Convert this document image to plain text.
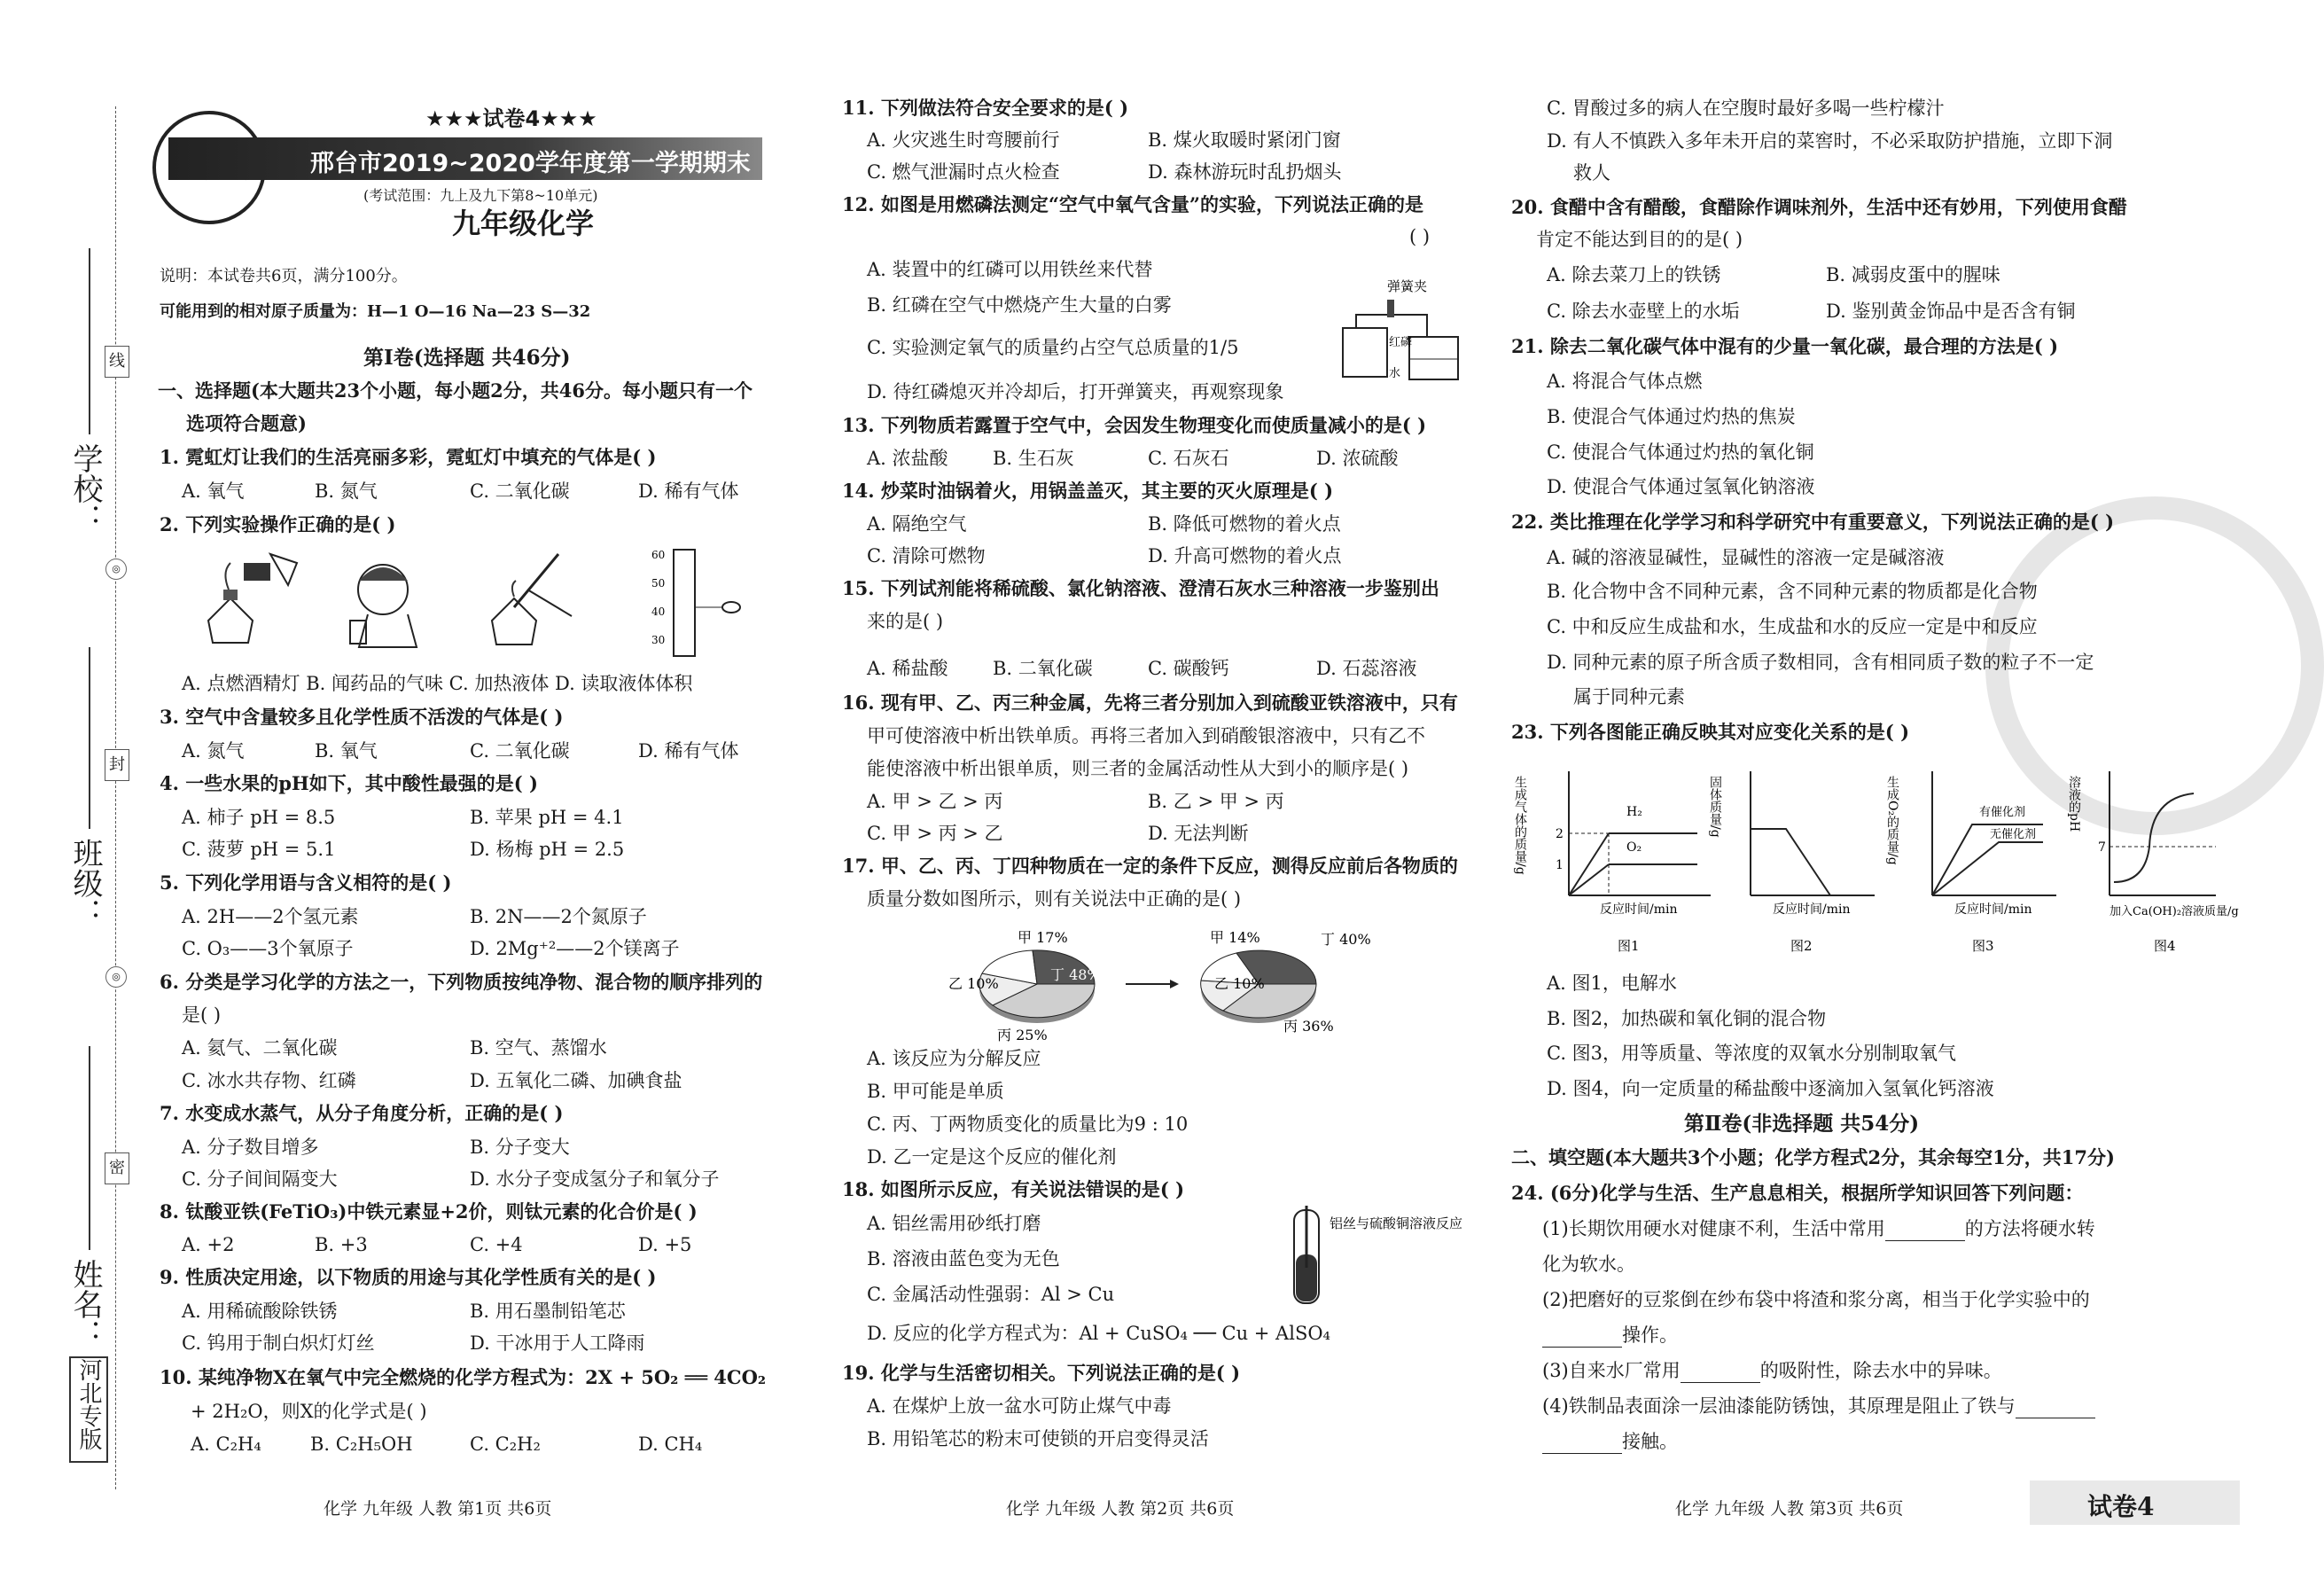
线
封
密
◎
◎
学校：
班级：
姓名：
河北专版
★★★试卷4★★★
邢台市2019~2020学年度第一学期期末考试试题
(考试范围：九上及九下第8~10单元)
九年级化学
说明：本试卷共6页，满分100分。
可能用到的相对原子质量为：H—1 O—16 Na—23 S—32
第Ⅰ卷(选择题 共46分)
一、选择题(本大题共23个小题，每小题2分，共46分。每小题只有一个
选项符合题意)
1. 霓虹灯让我们的生活亮丽多彩，霓虹灯中填充的气体是( )
A. 氧气	B. 氮气	C. 二氧化碳	D. 稀有气体
2. 下列实验操作正确的是( )
60
50
40
30
A. 点燃酒精灯 B. 闻药品的气味 C. 加热液体 D. 读取液体体积
3. 空气中含量较多且化学性质不活泼的气体是( )
A. 氮气	B. 氧气	C. 二氧化碳	D. 稀有气体
4. 一些水果的pH如下，其中酸性最强的是( )
A. 柿子 pH = 8.5	B. 苹果 pH = 4.1
C. 菠萝 pH = 5.1	D. 杨梅 pH = 2.5
5. 下列化学用语与含义相符的是( )
A. 2H——2个氢元素	B. 2N——2个氮原子
C. O₃——3个氧原子	D. 2Mg⁺²——2个镁离子
6. 分类是学习化学的方法之一，下列物质按纯净物、混合物的顺序排列的
是( )
A. 氦气、二氧化碳	B. 空气、蒸馏水
C. 冰水共存物、红磷	D. 五氧化二磷、加碘食盐
7. 水变成水蒸气，从分子角度分析，正确的是( )
A. 分子数目增多	B. 分子变大
C. 分子间间隔变大	D. 水分子变成氢分子和氧分子
8. 钛酸亚铁(FeTiO₃)中铁元素显+2价，则钛元素的化合价是( )
A. +2	B. +3	C. +4	D. +5
9. 性质决定用途，以下物质的用途与其化学性质有关的是( )
A. 用稀硫酸除铁锈	B. 用石墨制铅笔芯
C. 钨用于制白炽灯灯丝	D. 干冰用于人工降雨
10. 某纯净物X在氧气中完全燃烧的化学方程式为：2X + 5O₂ ══ 4CO₂
+ 2H₂O，则X的化学式是( )
A. C₂H₄	B. C₂H₅OH	C. C₂H₂	D. CH₄
11. 下列做法符合安全要求的是( )
A. 火灾逃生时弯腰前行	B. 煤火取暖时紧闭门窗
C. 燃气泄漏时点火检查	D. 森林游玩时乱扔烟头
12. 如图是用燃磷法测定“空气中氧气含量”的实验，下列说法正确的是
( )
A. 装置中的红磷可以用铁丝来代替
B. 红磷在空气中燃烧产生大量的白雾
C. 实验测定氧气的质量约占空气总质量的1/5
D. 待红磷熄灭并冷却后，打开弹簧夹，再观察现象
弹簧夹
红磷
水
13. 下列物质若露置于空气中，会因发生物理变化而使质量减小的是( )
A. 浓盐酸 B. 生石灰	C. 石灰石	D. 浓硫酸
14. 炒菜时油锅着火，用锅盖盖灭，其主要的灭火原理是( )
A. 隔绝空气	B. 降低可燃物的着火点
C. 清除可燃物	D. 升高可燃物的着火点
15. 下列试剂能将稀硫酸、氯化钠溶液、澄清石灰水三种溶液一步鉴别出
来的是( )
A. 稀盐酸 B. 二氧化碳	C. 碳酸钙	D. 石蕊溶液
16. 现有甲、乙、丙三种金属，先将三者分别加入到硫酸亚铁溶液中，只有
甲可使溶液中析出铁单质。再将三者加入到硝酸银溶液中，只有乙不
能使溶液中析出银单质，则三者的金属活动性从大到小的顺序是( )
A. 甲 > 乙 > 丙	B. 乙 > 甲 > 丙
C. 甲 > 丙 > 乙	D. 无法判断
17. 甲、乙、丙、丁四种物质在一定的条件下反应，测得反应前后各物质的
质量分数如图所示，则有关说法中正确的是( )
甲 17%
乙 10%
丙 25%
丁 48%
甲 14%
乙 10%
丙 36%
丁 40%
A. 该反应为分解反应
B. 甲可能是单质
C. 丙、丁两物质变化的质量比为9 : 10
D. 乙一定是这个反应的催化剂
18. 如图所示反应，有关说法错误的是( )
A. 铝丝需用砂纸打磨
B. 溶液由蓝色变为无色
C. 金属活动性强弱：Al > Cu
D. 反应的化学方程式为：Al + CuSO₄ ── Cu + AlSO₄
铝丝与硫酸铜溶液反应
19. 化学与生活密切相关。下列说法正确的是( )
A. 在煤炉上放一盆水可防止煤气中毒
B. 用铅笔芯的粉末可使锁的开启变得灵活
C. 胃酸过多的病人在空腹时最好多喝一些柠檬汁
D. 有人不慎跌入多年未开启的菜窖时，不必采取防护措施，立即下洞
救人
20. 食醋中含有醋酸，食醋除作调味剂外，生活中还有妙用，下列使用食醋
肯定不能达到目的的是( )
A. 除去菜刀上的铁锈	B. 减弱皮蛋中的腥味
C. 除去水壶壁上的水垢	D. 鉴别黄金饰品中是否含有铜
21. 除去二氧化碳气体中混有的少量一氧化碳，最合理的方法是( )
A. 将混合气体点燃
B. 使混合气体通过灼热的焦炭
C. 使混合气体通过灼热的氧化铜
D. 使混合气体通过氢氧化钠溶液
22. 类比推理在化学学习和科学研究中有重要意义，下列说法正确的是( )
A. 碱的溶液显碱性，显碱性的溶液一定是碱溶液
B. 化合物中含不同种元素，含不同种元素的物质都是化合物
C. 中和反应生成盐和水，生成盐和水的反应一定是中和反应
D. 同种元素的原子所含质子数相同，含有相同质子数的粒子不一定
属于同种元素
23. 下列各图能正确反映其对应变化关系的是( )
生成气体的质量/g 2
1
H₂
O₂
反应时间/min
图1
固体质量/g
反应时间/min
图2
生成O₂的质量/g	有催化剂
无催化剂
反应时间/min
图3
溶液的pH
7
加入Ca(OH)₂溶液质量/g
图4
A. 图1，电解水
B. 图2，加热碳和氧化铜的混合物
C. 图3，用等质量、等浓度的双氧水分别制取氧气
D. 图4，向一定质量的稀盐酸中逐滴加入氢氧化钙溶液
第Ⅱ卷(非选择题 共54分)
二、填空题(本大题共3个小题；化学方程式2分，其余每空1分，共17分)
24. (6分)化学与生活、生产息息相关，根据所学知识回答下列问题：
(1)长期饮用硬水对健康不利，生活中常用	的方法将硬水转
化为软水。
(2)把磨好的豆浆倒在纱布袋中将渣和浆分离，相当于化学实验中的
操作。
(3)自来水厂常用	的吸附性，除去水中的异味。
(4)铁制品表面涂一层油漆能防锈蚀，其原理是阻止了铁与
接触。
化学 九年级 人教 第1页 共6页	化学 九年级 人教 第2页 共6页	化学 九年级 人教 第3页 共6页	试卷4
